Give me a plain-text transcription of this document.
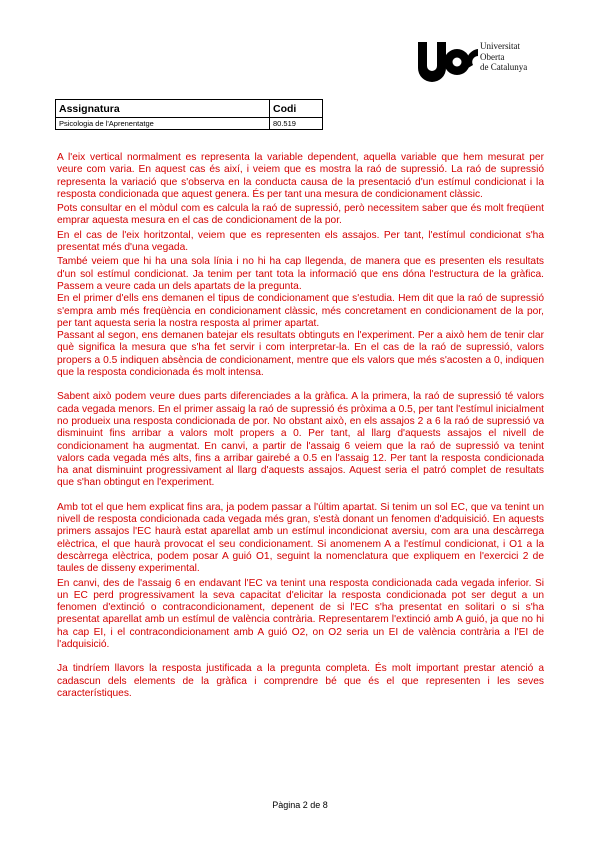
Universitat
Oberta
de Catalunya
Assignatura	Codi
Psicologia de l'Aprenentatge	80.519

A l'eix vertical normalment es representa la variable dependent, aquella variable que hem mesurat per veure com varia. En aquest cas és així, i veiem que es mostra la raó de supressió. La raó de supressió representa la variació que s'observa en la conducta causa de la presentació d'un estímul condicionat i la resposta condicionada que aquest genera. És per tant una mesura de condicionament clàssic.

Pots consultar en el mòdul com es calcula la raó de supressió, però necessitem saber que és molt freqüent emprar aquesta mesura en el cas de condicionament de la por.

En el cas de l'eix horitzontal, veiem que es representen els assajos. Per tant, l'estímul condicionat s'ha presentat més d'una vegada.

També veiem que hi ha una sola línia i no hi ha cap llegenda, de manera que es presenten els resultats d'un sol estímul condicionat. Ja tenim per tant tota la informació que ens dóna l'estructura de la gràfica. Passem a veure cada un dels apartats de la pregunta.

En el primer d'ells ens demanen el tipus de condicionament que s'estudia. Hem dit que la raó de supressió s'empra amb més freqüència en condicionament clàssic, més concretament en condicionament de la por, per tant aquesta seria la nostra resposta al primer apartat.

Passant al segon, ens demanen batejar els resultats obtinguts en l'experiment. Per a això hem de tenir clar què significa la mesura que s'ha fet servir i com interpretar-la. En el cas de la raó de supressió, valors propers a 0.5 indiquen absència de condicionament, mentre que els valors que més s'acosten a 0, indiquen que la resposta condicionada és molt intensa.

Sabent això podem veure dues parts diferenciades a la gràfica. A la primera, la raó de supressió té valors cada vegada menors. En el primer assaig la raó de supressió és pròxima a 0.5, per tant l'estímul inicialment no produeix una resposta condicionada de por. No obstant això, en els assajos 2 a 6 la raó de supressió va disminuint fins arribar a valors molt propers a 0. Per tant, al llarg d'aquests assajos el nivell de condicionament ha augmentat. En canvi, a partir de l'assaig 6 veiem que la raó de supressió va tenint valors cada vegada més alts, fins a arribar gairebé a 0.5 en l'assaig 12. Per tant la resposta condicionada ha anat disminuint progressivament al llarg d'aquests assajos. Aquest seria el patró complet de resultats que s'han obtingut en l'experiment.

Amb tot el que hem explicat fins ara, ja podem passar a l'últim apartat. Si tenim un sol EC, que va tenint un nivell de resposta condicionada cada vegada més gran, s'està donant un fenomen d'adquisició. En aquests primers assajos l'EC haurà estat aparellat amb un estímul incondicionat aversiu, com ara una descàrrega elèctrica, el que haurà provocat el seu condicionament. Si anomenem A a l'estímul condicionat, i O1 a la descàrrega elèctrica, podem posar A guió O1, seguint la nomenclatura que expliquem en l'exercici 2 de taules de disseny experimental.

En canvi, des de l'assaig 6 en endavant l'EC va tenint una resposta condicionada cada vegada inferior. Si un EC perd progressivament la seva capacitat d'elicitar la resposta condicionada pot ser degut a un fenomen d'extinció o contracondicionament, depenent de si l'EC s'ha presentat en solitari o si s'ha presentat aparellat amb un estímul de valència contrària. Representarem l'extinció amb A guió, ja que no hi ha cap EI, i el contracondicionament amb A guió O2, on O2 seria un EI de valència contrària a l'EI de l'adquisició.

Ja tindríem llavors la resposta justificada a la pregunta completa. És molt important prestar atenció a cadascun dels elements de la gràfica i comprendre bé que és el que representen i les seves característiques.

Pàgina 2 de 8
